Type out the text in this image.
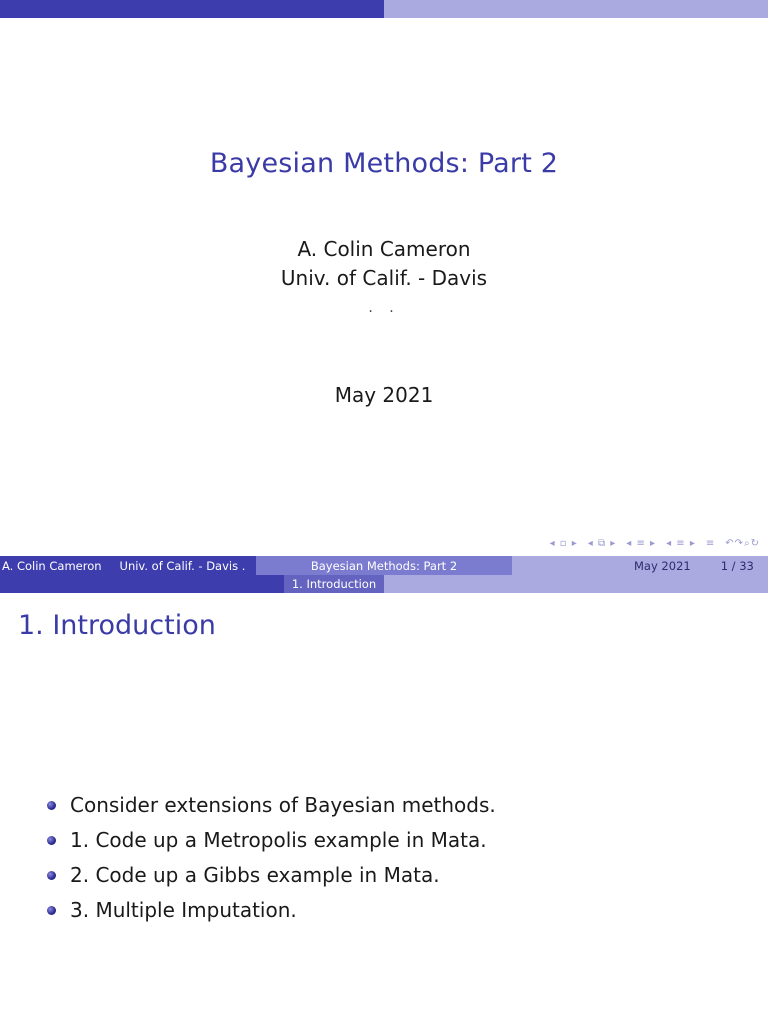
Bayesian Methods: Part 2
A. Colin Cameron
Univ. of Calif. - Davis
. .
May 2021
◂ ▫ ▸ ◂ ⧉ ▸ ◂ ≡ ▸ ◂ ≡ ▸ ≡ ↶↷⌕↻
A. Colin Cameron	Univ. of Calif. - Davis .	Bayesian Methods: Part 2	May 2021	1 / 33
1. Introduction
1. Introduction
Consider extensions of Bayesian methods.
1. Code up a Metropolis example in Mata.
2. Code up a Gibbs example in Mata.
3. Multiple Imputation.
